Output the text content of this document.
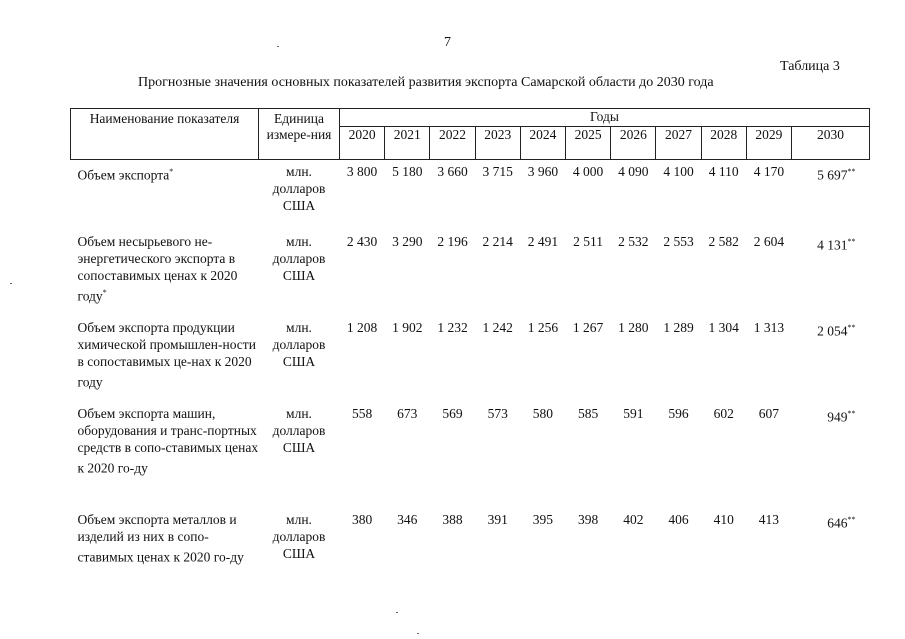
7
Таблица 3
Прогнозные значения основных показателей развития экспорта Самарской области до 2030 года
Наименование показателя	Единица измере-ния	Годы										
		2020	2021	2022	2023	2024	2025	2026	2027	2028	2029	2030
Объем экспорта*	млн. долларов США	3 800	5 180	3 660	3 715	3 960	4 000	4 090	4 100	4 110	4 170	5 697**
Объем несырьевого не-энергетического экспорта в сопоставимых ценах к 2020 году*	млн. долларов США	2 430	3 290	2 196	2 214	2 491	2 511	2 532	2 553	2 582	2 604	4 131**
Объем экспорта продукции химической промышлен-ности в сопоставимых це-нах к 2020 году	млн. долларов США	1 208	1 902	1 232	1 242	1 256	1 267	1 280	1 289	1 304	1 313	2 054**
Объем экспорта машин, оборудования и транс-портных средств в сопо-ставимых ценах к 2020 го-ду	млн. долларов США	558	673	569	573	580	585	591	596	602	607	949**
Объем экспорта металлов и изделий из них в сопо-ставимых ценах к 2020 го-ду	млн. долларов США	380	346	388	391	395	398	402	406	410	413	646**
